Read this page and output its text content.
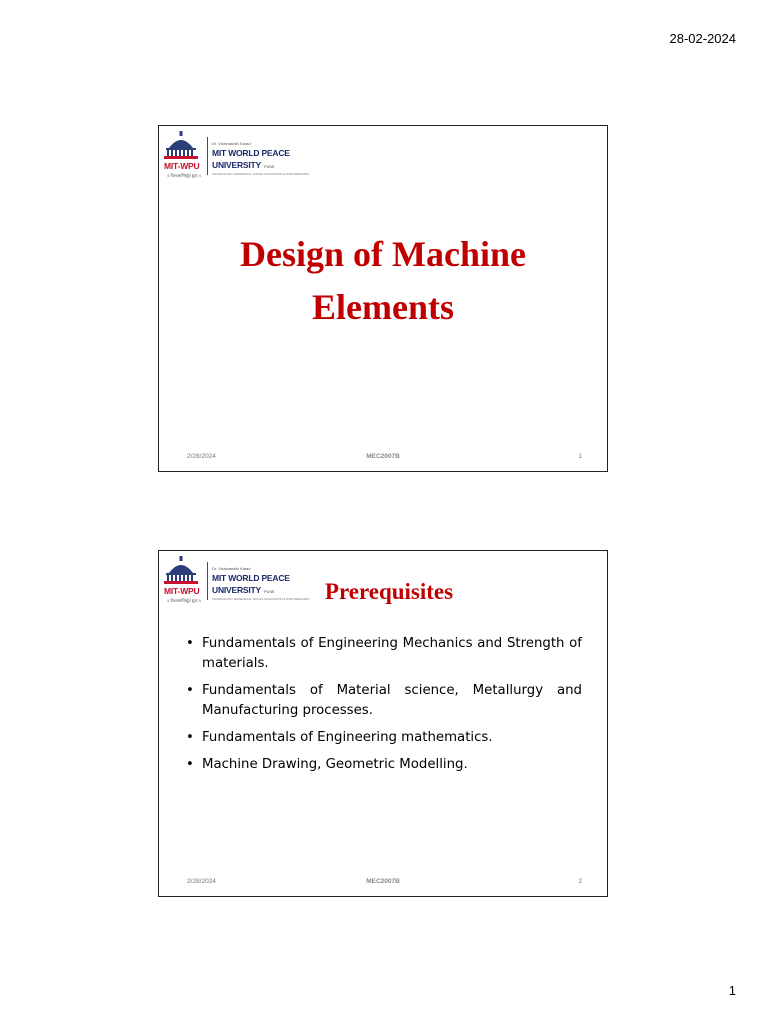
28-02-2024
MIT-WPU
॥ विश्वशान्तिर्ध्रुवं ध्रुवा ॥
Dr. Vishwanath Karad
MIT WORLD PEACE
UNIVERSITY PUNE
TECHNOLOGY, RESEARCH, SOCIAL INNOVATION & PARTNERSHIPS
Design of Machine
Elements
2/28/2024	MEC2007B	1
MIT-WPU
॥ विश्वशान्तिर्ध्रुवं ध्रुवा ॥
Dr. Vishwanath Karad
MIT WORLD PEACE
UNIVERSITY PUNE
TECHNOLOGY, RESEARCH, SOCIAL INNOVATION & PARTNERSHIPS Prerequisites
• Fundamentals of Engineering Mechanics and Strength of materials.
• Fundamentals of Material science, Metallurgy and Manufacturing processes.
• Fundamentals of Engineering mathematics.
• Machine Drawing, Geometric Modelling.
2/28/2024	MEC2007B	2
1
